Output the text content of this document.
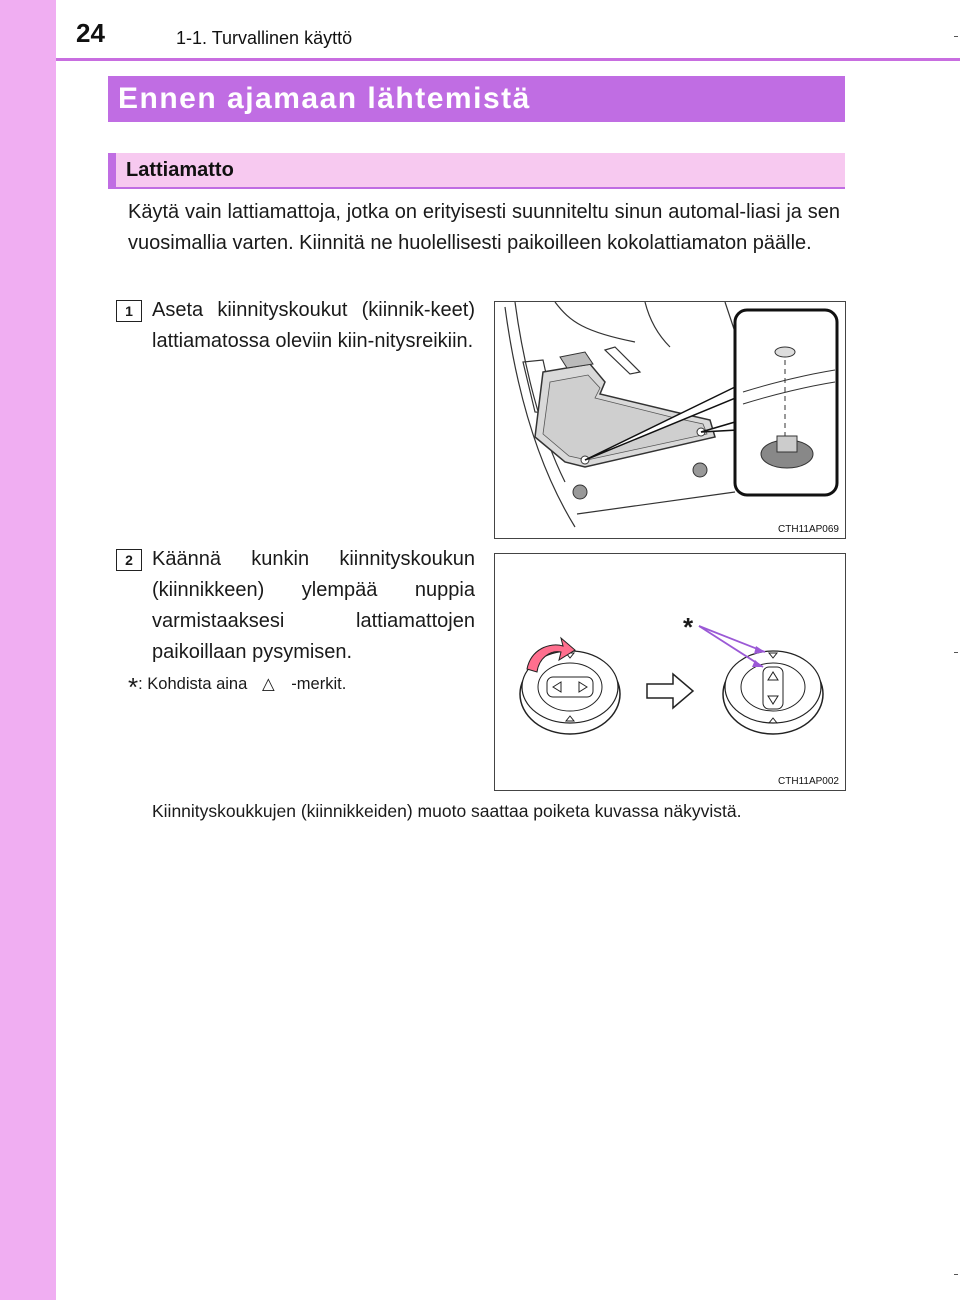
24	1-1. Turvallinen käyttö
Ennen ajamaan lähtemistä
Lattiamatto
Käytä vain lattiamattoja, jotka on erityisesti suunniteltu sinun automal-liasi ja sen vuosimallia varten. Kiinnitä ne huolellisesti paikoilleen kokolattiamaton päälle.
1 Aseta kiinnityskoukut (kiinnik-keet) lattiamatossa oleviin kiin-nitysreikiin.
CTH11AP069
2 Käännä kunkin kiinnityskoukun (kiinnikkeen) ylempää nuppia varmistaaksesi lattiamattojen paikoillaan pysymisen.
*: Kohdista aina △ -merkit.
*
CTH11AP002
Kiinnityskoukkujen (kiinnikkeiden) muoto saattaa poiketa kuvassa näkyvistä.
